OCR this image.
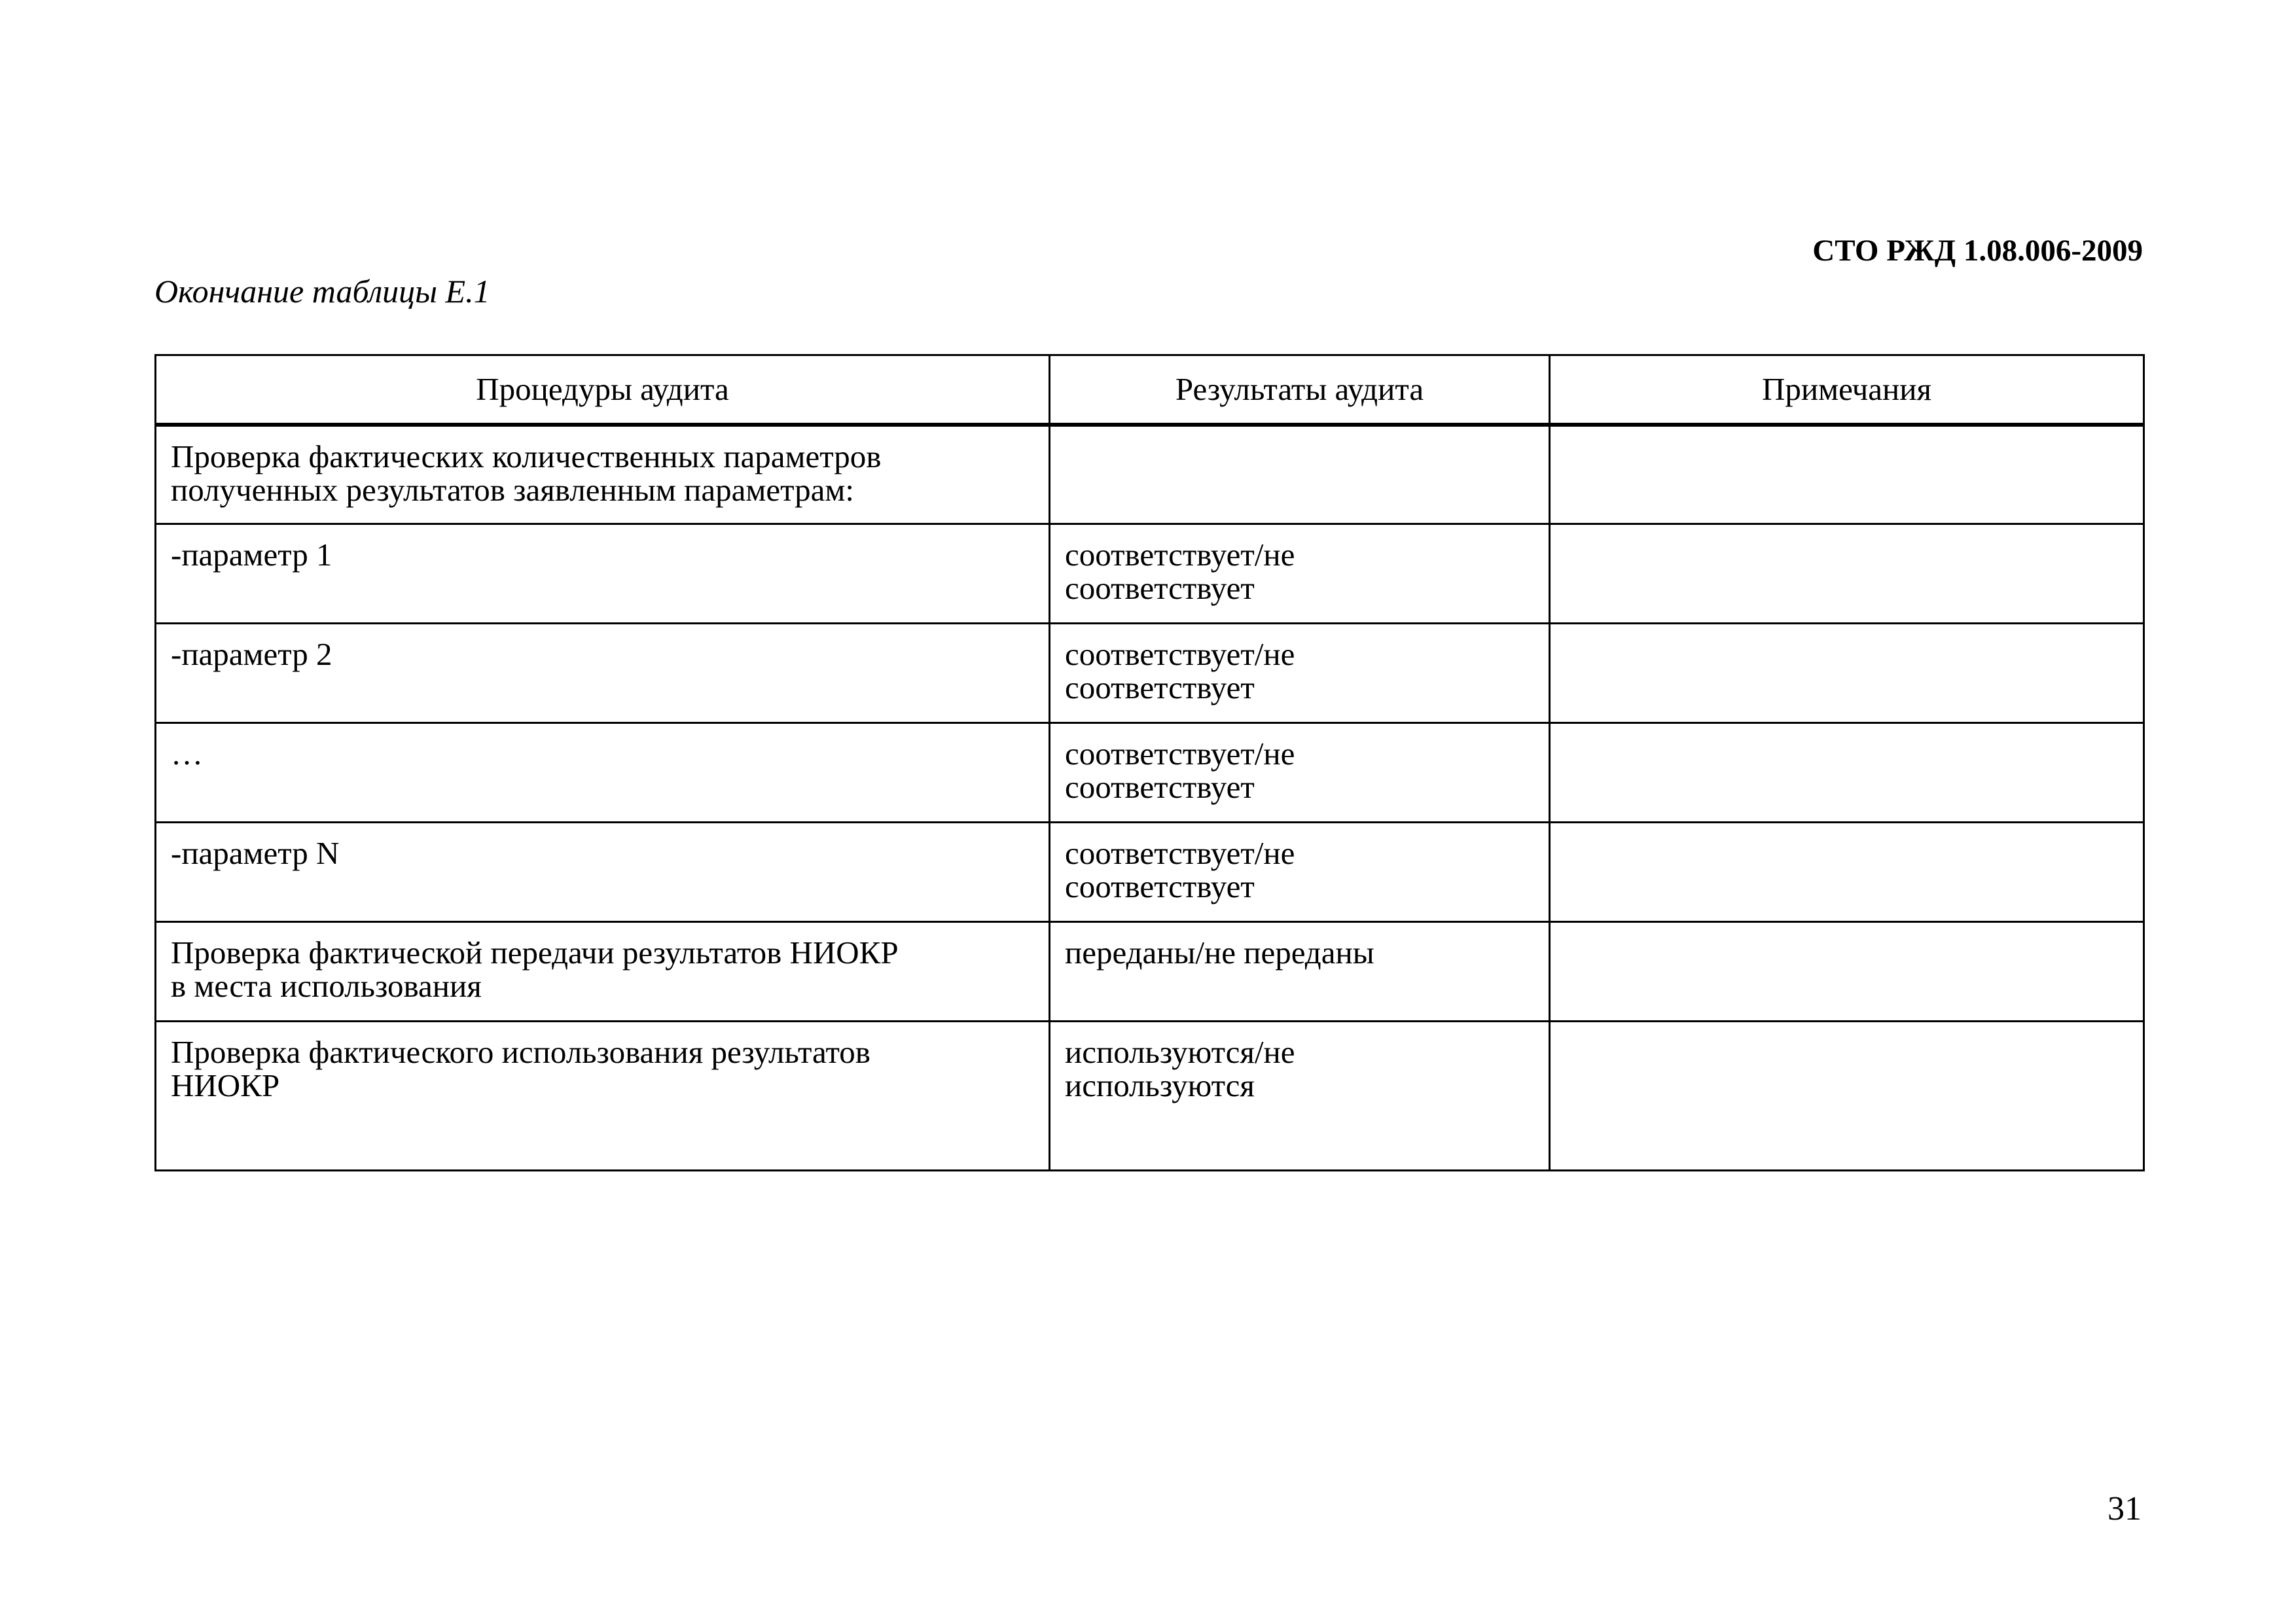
СТО РЖД 1.08.006-2009
Окончание таблицы Е.1
Процедуры аудита	Результаты аудита	Примечания
Проверка фактических количественных параметров
полученных результатов заявленным параметрам:		
-параметр 1	соответствует/не
соответствует	
-параметр 2	соответствует/не
соответствует	
…	соответствует/не
соответствует	
-параметр N	соответствует/не
соответствует	
Проверка фактической передачи результатов НИОКР
в места использования	переданы/не переданы	
Проверка фактического использования результатов
НИОКР	используются/не
используются	
31
